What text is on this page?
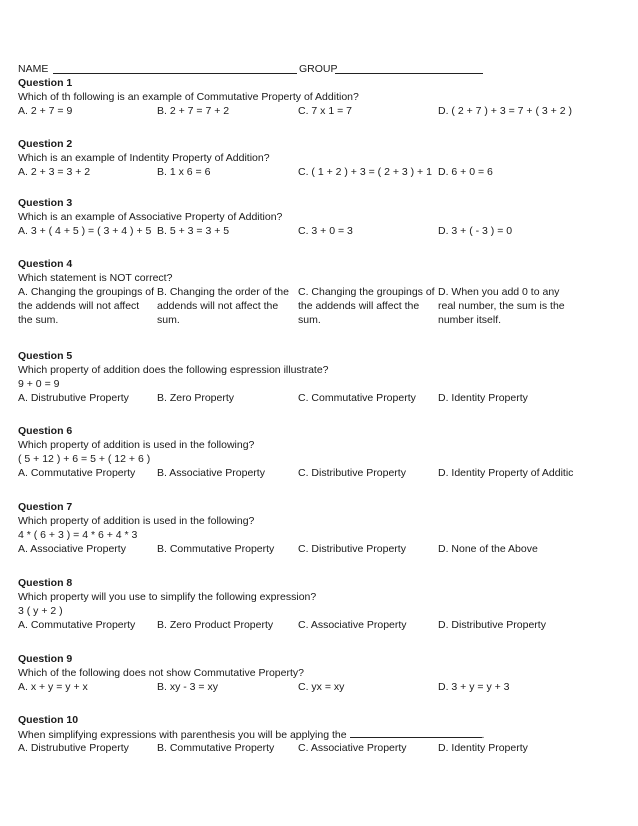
NAME	GROUP
Question 1
Which of th following is an example of Commutative Property of Addition?
A. 2 + 7 = 9	B. 2 + 7 = 7 + 2	C. 7 x 1 = 7	D. ( 2 + 7 ) + 3 = 7 + ( 3 + 2 )
Question 2
Which is an example of Indentity Property of Addition?
A. 2 + 3 = 3 + 2	B. 1 x 6 = 6	C. ( 1 + 2 ) + 3 = ( 2 + 3 ) + 1 D. 6 + 0 = 6
Question 3
Which is an example of Associative Property of Addition?
A. 3 + ( 4 + 5 ) = ( 3 + 4 ) + 5 B. 5 + 3 = 3 + 5	C. 3 + 0 = 3	D. 3 + ( - 3 ) = 0
Question 4
Which statement is NOT correct?
A. Changing the groupings of the addends will not affect the sum.
B. Changing the order of the addends will not affect the sum.
C. Changing the groupings of the addends will affect the sum.
D. When you add 0 to any real number, the sum is the number itself.
Question 5
Which property of addition does the following espression illustrate?
9 + 0 = 9
A. Distrubutive Property	B. Zero Property	C. Commutative Property D. Identity Property
Question 6
Which property of addition is used in the following?
( 5 + 12 ) + 6 = 5 + ( 12 + 6 )
A. Commutative Property B. Associative Property	C. Distributive Property	D. Identity Property of Additic
Question 7
Which property of addition is used in the following?
4 * ( 6 + 3 ) = 4 * 6 + 4 * 3
A. Associative Property	B. Commutative Property C. Distributive Property	D. None of the Above
Question 8
Which property will you use to simplify the following expression?
3 ( y + 2 )
A. Commutative Property B. Zero Product Property C. Associative Property	D. Distributive Property
Question 9
Which of the following does not show Commutative Property?
A. x + y = y + x	B. xy - 3 = xy	C. yx = xy	D. 3 + y = y + 3
Question 10
When simplifying expressions with parenthesis you will be applying the	.
A. Distrubutive Property	B. Commutative Property C. Associative Property	D. Identity Property
